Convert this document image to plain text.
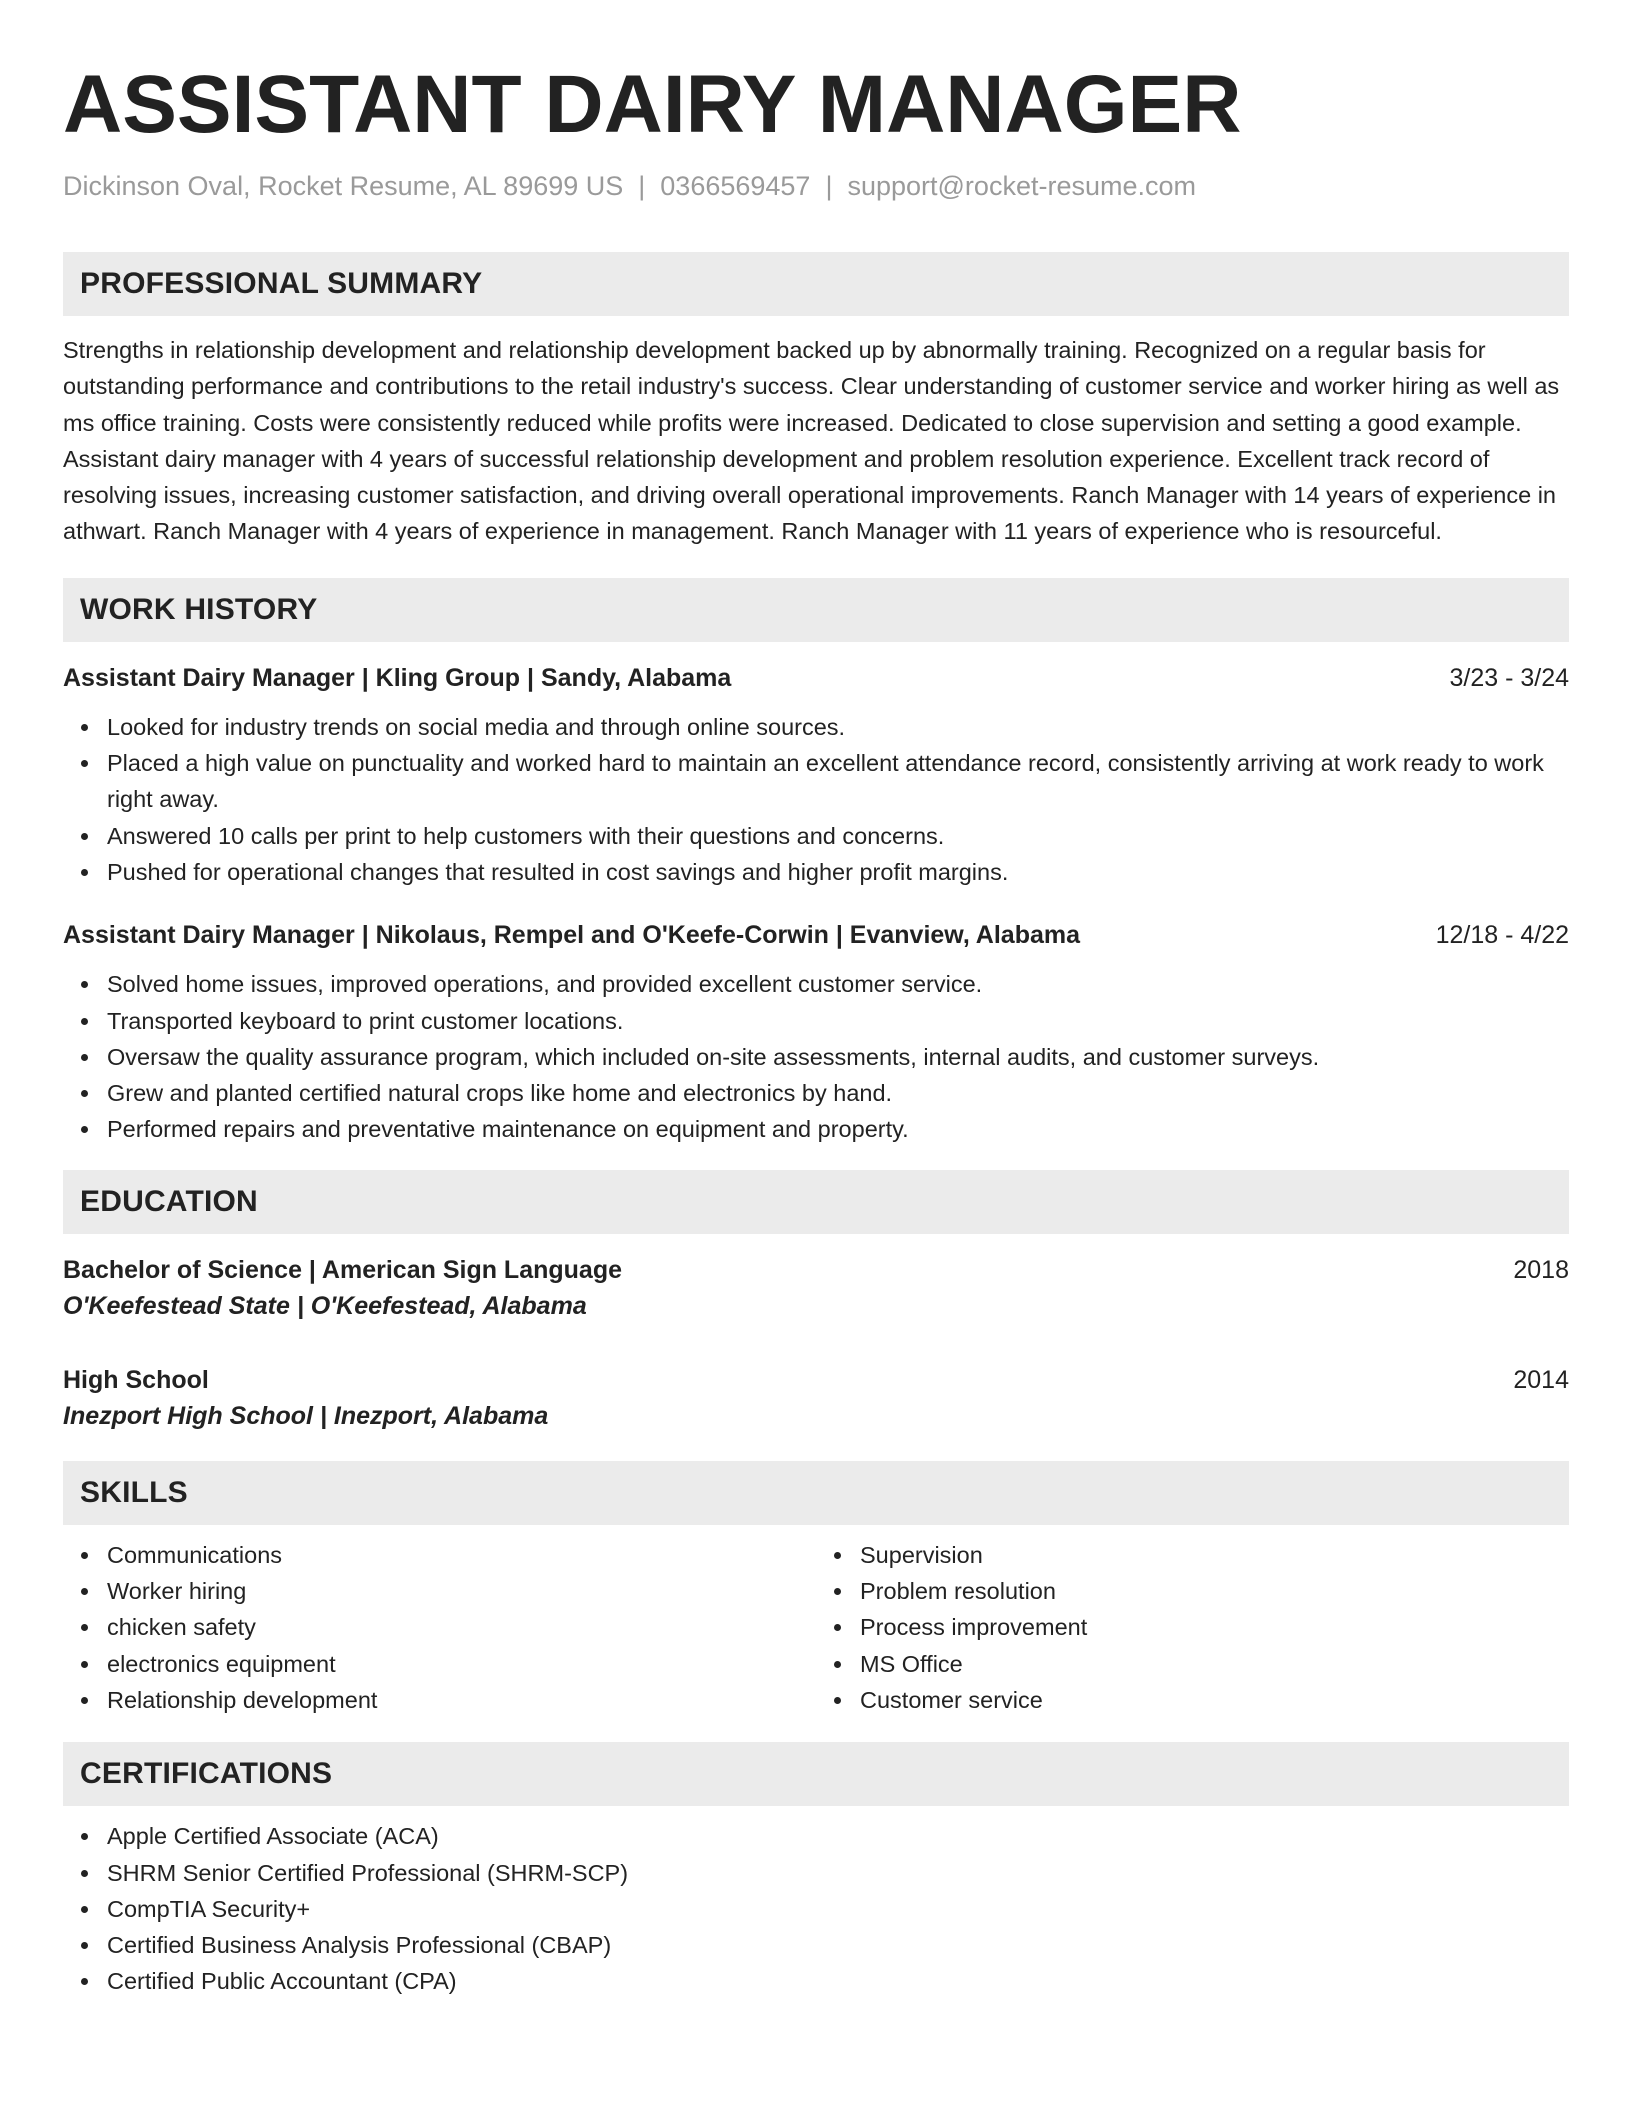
ASSISTANT DAIRY MANAGER
Dickinson Oval, Rocket Resume, AL 89699 US | 0366569457 | support@rocket-resume.com
PROFESSIONAL SUMMARY
Strengths in relationship development and relationship development backed up by abnormally training. Recognized on a regular basis for outstanding performance and contributions to the retail industry's success. Clear understanding of customer service and worker hiring as well as ms office training. Costs were consistently reduced while profits were increased. Dedicated to close supervision and setting a good example. Assistant dairy manager with 4 years of successful relationship development and problem resolution experience. Excellent track record of resolving issues, increasing customer satisfaction, and driving overall operational improvements. Ranch Manager with 14 years of experience in athwart. Ranch Manager with 4 years of experience in management. Ranch Manager with 11 years of experience who is resourceful.
WORK HISTORY
Assistant Dairy Manager | Kling Group | Sandy, Alabama	3/23 - 3/24
Looked for industry trends on social media and through online sources.
Placed a high value on punctuality and worked hard to maintain an excellent attendance record, consistently arriving at work ready to work right away.
Answered 10 calls per print to help customers with their questions and concerns.
Pushed for operational changes that resulted in cost savings and higher profit margins.
Assistant Dairy Manager | Nikolaus, Rempel and O'Keefe-Corwin | Evanview, Alabama	12/18 - 4/22
Solved home issues, improved operations, and provided excellent customer service.
Transported keyboard to print customer locations.
Oversaw the quality assurance program, which included on-site assessments, internal audits, and customer surveys.
Grew and planted certified natural crops like home and electronics by hand.
Performed repairs and preventative maintenance on equipment and property.
EDUCATION
Bachelor of Science | American Sign Language	2018
O'Keefestead State | O'Keefestead, Alabama
High School	2014
Inezport High School | Inezport, Alabama
SKILLS
Communications
Worker hiring
chicken safety
electronics equipment
Relationship development
Supervision
Problem resolution
Process improvement
MS Office
Customer service
CERTIFICATIONS
Apple Certified Associate (ACA)
SHRM Senior Certified Professional (SHRM-SCP)
CompTIA Security+
Certified Business Analysis Professional (CBAP)
Certified Public Accountant (CPA)
